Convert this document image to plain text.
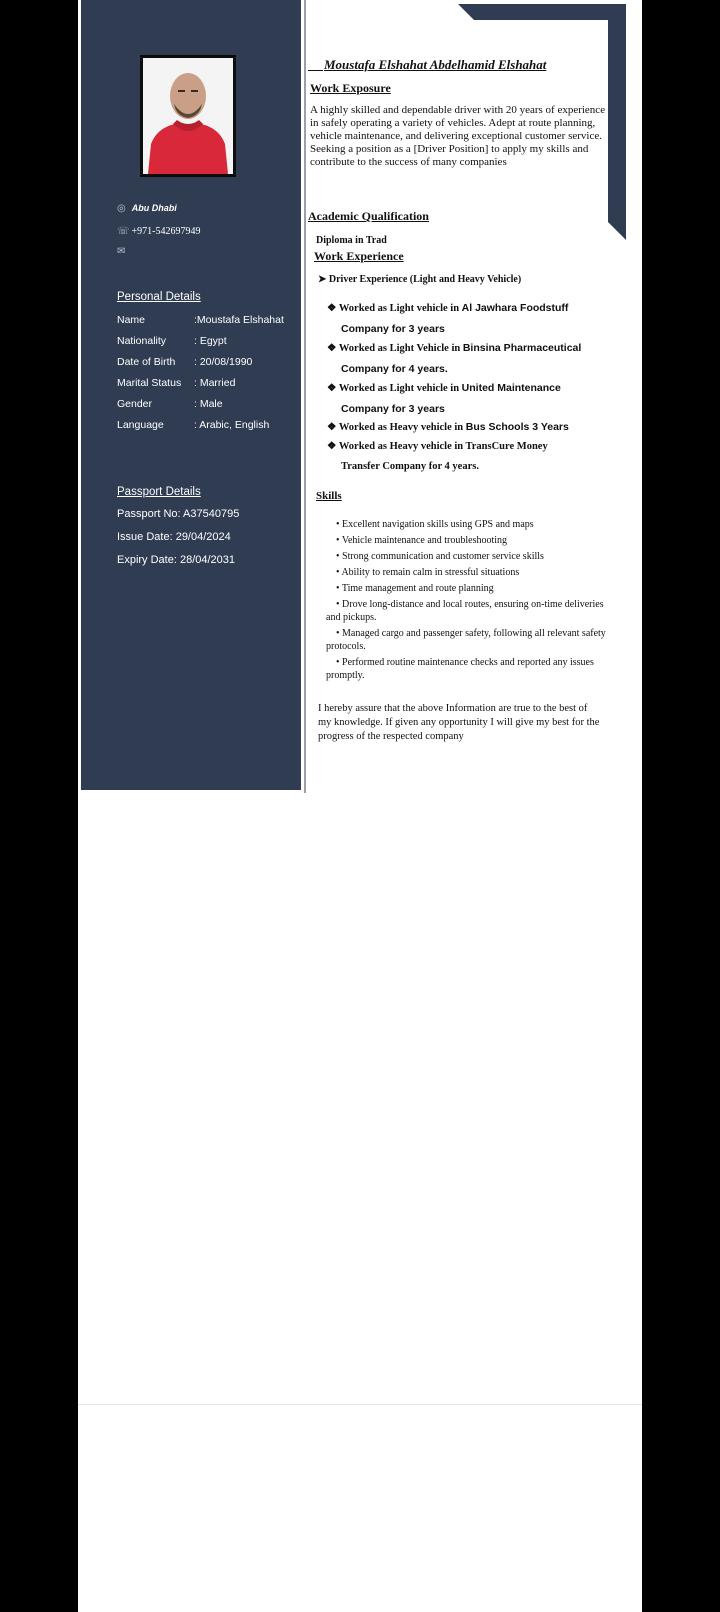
◎ Abu Dhabi
☏ +971-542697949
✉
Personal Details
Name	:Moustafa Elshahat
Nationality	: Egypt
Date of Birth : 20/08/1990
Marital Status : Married
Gender	: Male
Language	: Arabic, English
Passport Details
Passport No: A37540795
Issue Date: 29/04/2024
Expiry Date: 28/04/2031
Moustafa Elshahat Abdelhamid Elshahat
Work Exposure
A highly skilled and dependable driver with 20 years of experience in safely operating a variety of vehicles. Adept at route planning, vehicle maintenance, and delivering exceptional customer service. Seeking a position as a [Driver Position] to apply my skills and contribute to the success of many companies
Academic Qualification
Diploma in Trad
Work Experience
➤ Driver Experience (Light and Heavy Vehicle)
❖ Worked as Light vehicle in Al Jawhara Foodstuff
Company for 3 years
❖ Worked as Light Vehicle in Binsina Pharmaceutical
Company for 4 years.
❖ Worked as Light vehicle in United Maintenance
Company for 3 years
❖ Worked as Heavy vehicle in Bus Schools 3 Years
❖ Worked as Heavy vehicle in TransCure Money
Transfer Company for 4 years.
Skills
• Excellent navigation skills using GPS and maps
• Vehicle maintenance and troubleshooting
• Strong communication and customer service skills
• Ability to remain calm in stressful situations
• Time management and route planning
• Drove long-distance and local routes, ensuring on-time deliveries and pickups.
• Managed cargo and passenger safety, following all relevant safety protocols.
• Performed routine maintenance checks and reported any issues promptly.
I hereby assure that the above Information are true to the best of my knowledge. If given any opportunity I will give my best for the progress of the respected company
